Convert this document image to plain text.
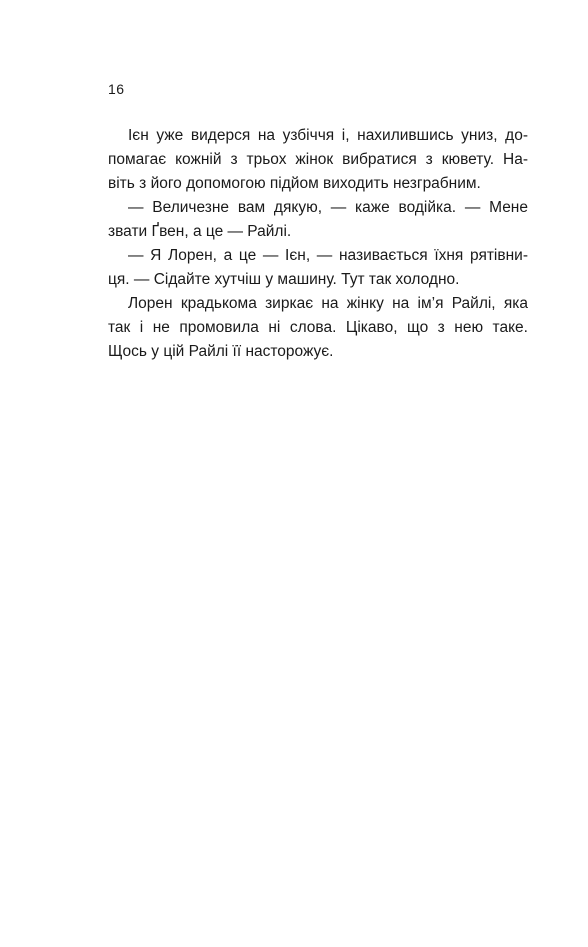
16

Ієн уже видерся на узбіччя і, нахилившись униз, до-

помагає кожній з трьох жінок вибратися з кювету. На-

віть з його допомогою підйом виходить незграбним.

— Величезне вам дякую, — каже водійка. — Мене

звати Ґвен, а це — Райлі.

— Я Лорен, а це — Ієн, — називається їхня рятівни-

ця. — Сідайте хутчіш у машину. Тут так холодно.

Лорен крадькома зиркає на жінку на ім’я Райлі, яка

так і не промовила ні слова. Цікаво, що з нею таке.

Щось у цій Райлі її насторожує.
